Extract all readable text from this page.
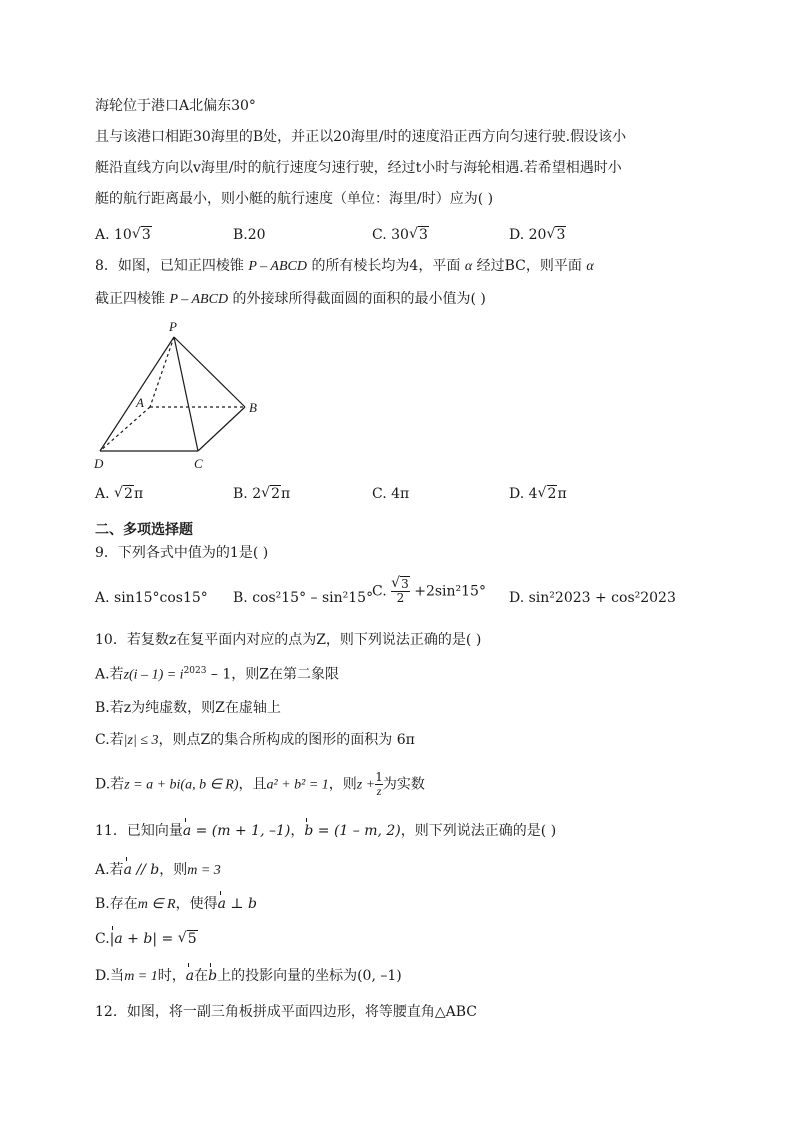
海轮位于港口A北偏东30°
且与该港口相距30海里的B处，并正以20海里/时的速度沿正西方向匀速行驶.假设该小
艇沿直线方向以v海里/时的航行速度匀速行驶，经过t小时与海轮相遇.若希望相遇时小
艇的航行距离最小，则小艇的航行速度（单位：海里/时）应为( )
A. 10 √ 3	B.20	C. 30 √ 3	D. 20 √ 3
8．如图，已知正四棱锥 P – ABCD 的所有棱长均为4，平面 α 经过BC，则平面 α
截正四棱锥 P – ABCD 的外接球所得截面圆的面积的最小值为( )
P
A	B
C
D
A. √ 2π	B. 2 √ 2π	C. 4π	D. 4 √ 2π
二、多项选择题
9．下列各式中值为的1是( )
A. sin15°cos15° B. cos²15° – sin²15°
C. √ $\frac{3}{2} +2\sin^215^\circ$ D. sin²2023 + cos²2023
10．若复数z在复平面内对应的点为Z，则下列说法正确的是( )
A.若$z(i - 1) = i^{2023} - 1$，则Z在第二象限
B.若z为纯虚数，则Z在虚轴上
C.若|z| ≤ 3，则点Z的集合所构成的图形的面积为 6π
D.若z = a + bi(a, b ∈ R)，且a² + b² = 1，则$z + \frac{1}{z}$ 为实数
11．已知向量a = (m + 1, –1)，b = (1 – m, 2)，则下列说法正确的是( )
A.若a // b，则m = 3
B.存在m ∈ R，使得a ⊥ b
C.|a + b| = √ 5
D.当m = 1时，a在b上的投影向量的坐标为(0, –1)
12．如图，将一副三角板拼成平面四边形，将等腰直角△ABC
